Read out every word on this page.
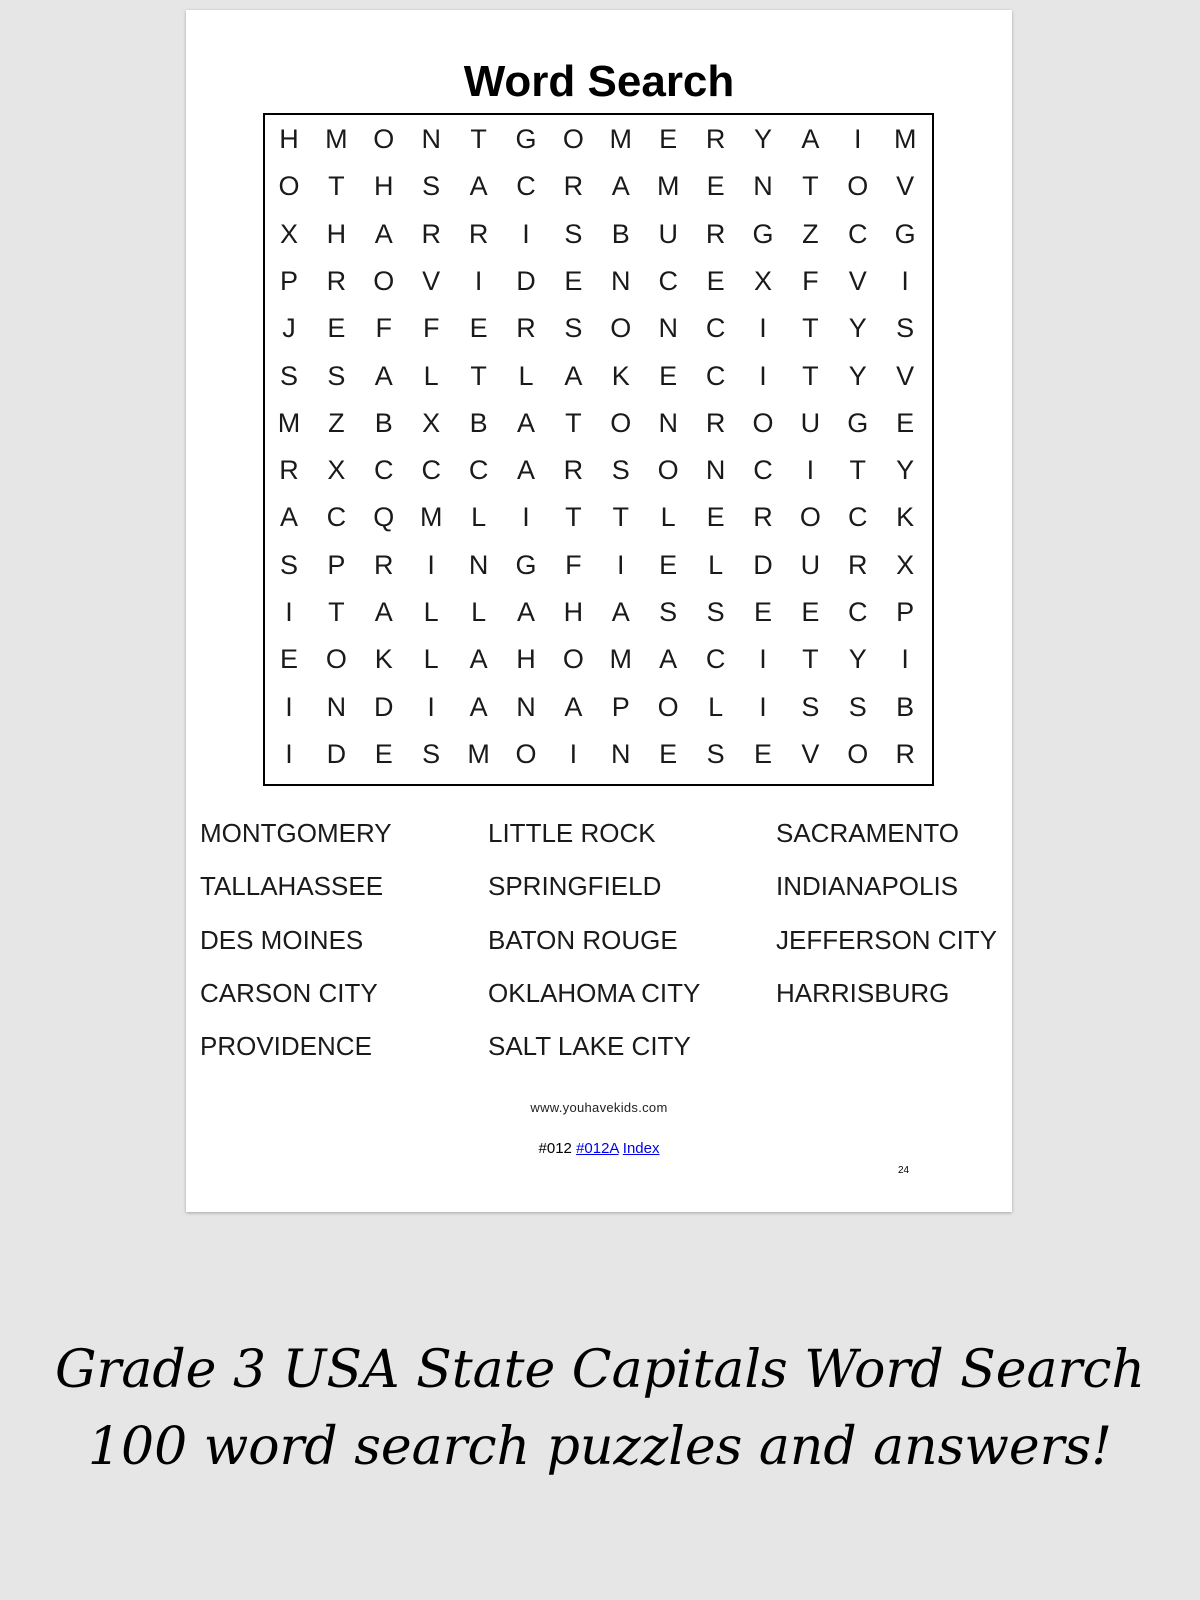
Word Search
H M O	N	T	G O M	E	R	Y	A	I	M
O	T	H	S	A	C	R	A	M	E	N	T	O	V
X	H	A	R	R	I	S	B	U	R	G	Z	C	G
P	R	O	V	I	D	E	N	C	E	X	F	V	I
J	E	F	F	E	R	S	O	N	C	I	T	Y	S
S	S	A	L	T	L	A	K	E	C	I	T	Y	V
M	Z	B	X	B	A	T	O	N	R	O	U	G	E
R	X	C	C	C	A	R	S	O	N	C	I	T	Y
A	C	Q M	L	I	T	T	L	E	R	O	C	K
S	P	R	I	N	G	F	I	E	L	D	U	R	X
I	T	A	L	L	A	H	A	S	S	E	E	C	P
E	O	K	L	A	H	O M	A	C	I	T	Y	I
I	N	D	I	A	N	A	P	O	L	I	S	S	B
I	D	E	S	M O	I	N	E	S	E	V	O	R
MONTGOMERY
TALLAHASSEE
DES MOINES
CARSON CITY
PROVIDENCE
LITTLE ROCK
SPRINGFIELD
BATON ROUGE
OKLAHOMA CITY
SALT LAKE CITY
SACRAMENTO
INDIANAPOLIS
JEFFERSON CITY
HARRISBURG
www.youhavekids.com
#012 #012A Index
24
Grade 3 USA State Capitals Word Search
100 word search puzzles and answers!
